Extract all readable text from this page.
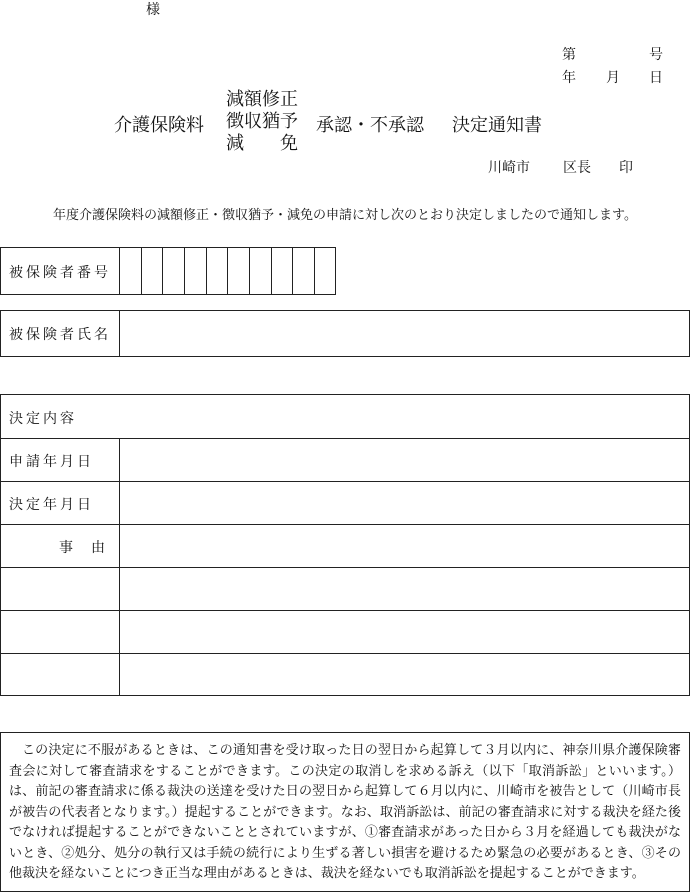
様
第	号
年 月 日
介護保険料
減額修正
徴収猶予
減　　免
承認・不承認 決定通知書
川崎市 区長 印
年度介護保険料の減額修正・徴収猶予・減免の申請に対し次のとおり決定しましたので通知します。
被保険者番号
被保険者氏名
決定内容
申請年月日
決定年月日
事　由
この決定に不服があるときは、この通知書を受け取った日の翌日から起算して３月以内に、神奈川県介護保険審査会に対して審査請求をすることができます。この決定の取消しを求める訴え（以下「取消訴訟」といいます。）は、前記の審査請求に係る裁決の送達を受けた日の翌日から起算して６月以内に、川崎市を被告として（川崎市長が被告の代表者となります。）提起することができます。なお、取消訴訟は、前記の審査請求に対する裁決を経た後でなければ提起することができないこととされていますが、①審査請求があった日から３月を経過しても裁決がないとき、②処分、処分の執行又は手続の続行により生ずる著しい損害を避けるため緊急の必要があるとき、③その他裁決を経ないことにつき正当な理由があるときは、裁決を経ないでも取消訴訟を提起することができます。
